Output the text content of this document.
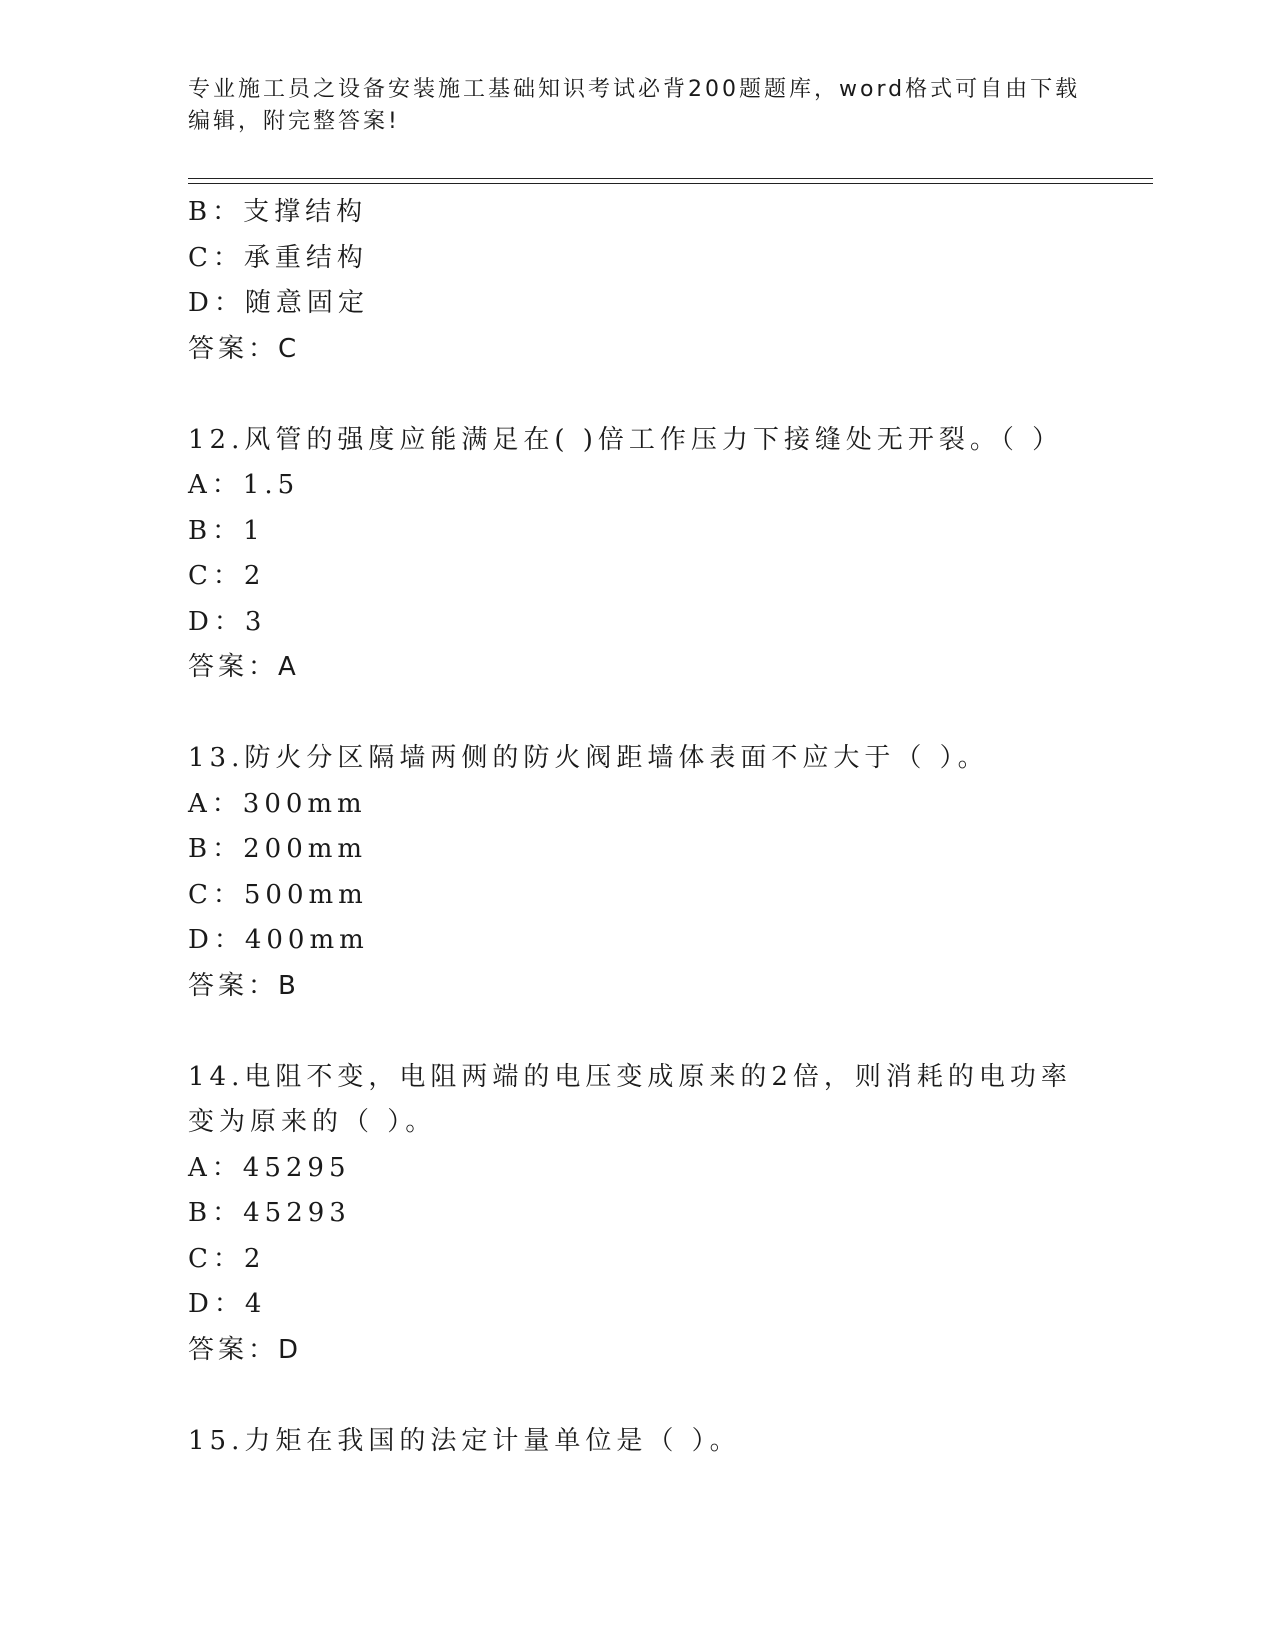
专业施工员之设备安装施工基础知识考试必背200题题库，word格式可自由下载编辑，附完整答案!
B：支撑结构
C：承重结构
D：随意固定
答案：C
12.风管的强度应能满足在( )倍工作压力下接缝处无开裂。（ ）
A：1.5
B：1
C：2
D：3
答案：A
13.防火分区隔墙两侧的防火阀距墙体表面不应大于（ ）。
A：300mm
B：200mm
C：500mm
D：400mm
答案：B
14.电阻不变，电阻两端的电压变成原来的2倍，则消耗的电功率变为原来的（ ）。
A：45295
B：45293
C：2
D：4
答案：D
15.力矩在我国的法定计量单位是（ ）。
